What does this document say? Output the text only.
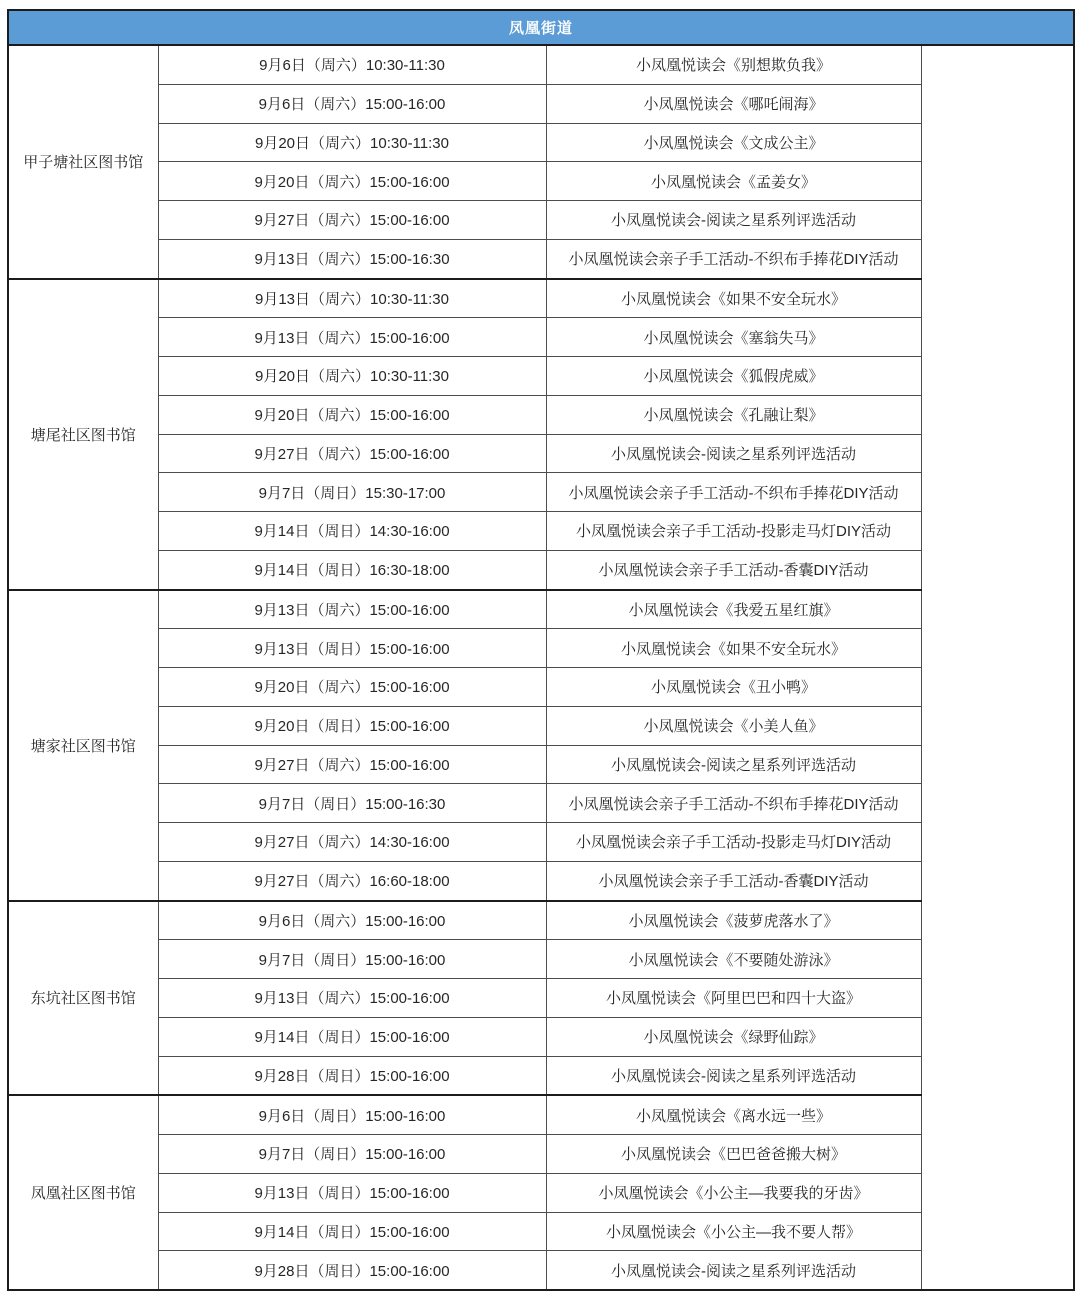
凤凰街道			
甲子塘社区图书馆	9月6日（周六）10:30-11:30	小凤凰悦读会《别想欺负我》	
	9月6日（周六）15:00-16:00	小凤凰悦读会《哪吒闹海》	
	9月20日（周六）10:30-11:30	小凤凰悦读会《文成公主》	
	9月20日（周六）15:00-16:00	小凤凰悦读会《孟姜女》	
	9月27日（周六）15:00-16:00	小凤凰悦读会-阅读之星系列评选活动	
	9月13日（周六）15:00-16:30	小凤凰悦读会亲子手工活动-不织布手捧花DIY活动	
塘尾社区图书馆	9月13日（周六）10:30-11:30	小凤凰悦读会《如果不安全玩水》	
	9月13日（周六）15:00-16:00	小凤凰悦读会《塞翁失马》	
	9月20日（周六）10:30-11:30	小凤凰悦读会《狐假虎威》	
	9月20日（周六）15:00-16:00	小凤凰悦读会《孔融让梨》	
	9月27日（周六）15:00-16:00	小凤凰悦读会-阅读之星系列评选活动	
	9月7日（周日）15:30-17:00	小凤凰悦读会亲子手工活动-不织布手捧花DIY活动	
	9月14日（周日）14:30-16:00	小凤凰悦读会亲子手工活动-投影走马灯DIY活动	
	9月14日（周日）16:30-18:00	小凤凰悦读会亲子手工活动-香囊DIY活动	
塘家社区图书馆	9月13日（周六）15:00-16:00	小凤凰悦读会《我爱五星红旗》	
	9月13日（周日）15:00-16:00	小凤凰悦读会《如果不安全玩水》	
	9月20日（周六）15:00-16:00	小凤凰悦读会《丑小鸭》	
	9月20日（周日）15:00-16:00	小凤凰悦读会《小美人鱼》	
	9月27日（周六）15:00-16:00	小凤凰悦读会-阅读之星系列评选活动	
	9月7日（周日）15:00-16:30	小凤凰悦读会亲子手工活动-不织布手捧花DIY活动	
	9月27日（周六）14:30-16:00	小凤凰悦读会亲子手工活动-投影走马灯DIY活动	
	9月27日（周六）16:60-18:00	小凤凰悦读会亲子手工活动-香囊DIY活动	
东坑社区图书馆	9月6日（周六）15:00-16:00	小凤凰悦读会《菠萝虎落水了》	
	9月7日（周日）15:00-16:00	小凤凰悦读会《不要随处游泳》	
	9月13日（周六）15:00-16:00	小凤凰悦读会《阿里巴巴和四十大盗》	
	9月14日（周日）15:00-16:00	小凤凰悦读会《绿野仙踪》	
	9月28日（周日）15:00-16:00	小凤凰悦读会-阅读之星系列评选活动	
凤凰社区图书馆	9月6日（周日）15:00-16:00	小凤凰悦读会《离水远一些》	
	9月7日（周日）15:00-16:00	小凤凰悦读会《巴巴爸爸搬大树》	
	9月13日（周日）15:00-16:00	小凤凰悦读会《小公主—我要我的牙齿》	
	9月14日（周日）15:00-16:00	小凤凰悦读会《小公主—我不要人帮》	
	9月28日（周日）15:00-16:00	小凤凰悦读会-阅读之星系列评选活动	
